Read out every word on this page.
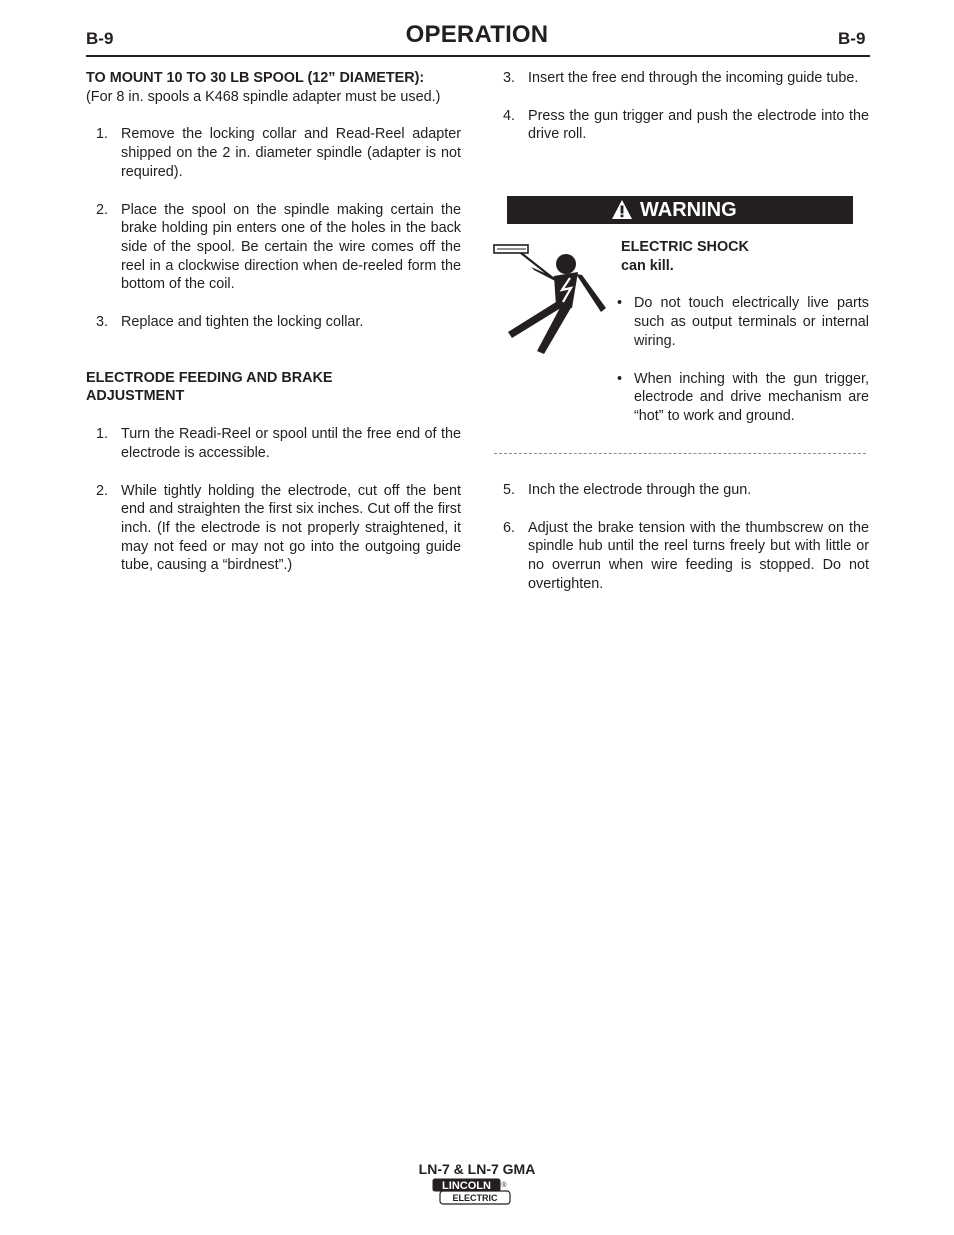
B-9	OPERATION	B-9

TO MOUNT 10 TO 30 LB SPOOL (12” DIAMETER):

(For 8 in. spools a K468 spindle adapter must be used.)

1. Remove the locking collar and Read-Reel adapter shipped on the 2 in. diameter spindle (adapter is not required).
2. Place the spool on the spindle making certain the brake holding pin enters one of the holes in the back side of the spool. Be certain the wire comes off the reel in a clockwise direction when de-reeled form the bottom of the coil.
3. Replace and tighten the locking collar.

ELECTRODE FEEDING AND BRAKE
ADJUSTMENT

1. Turn the Readi-Reel or spool until the free end of the electrode is accessible.
2. While tightly holding the electrode, cut off the bent end and straighten the first six inches. Cut off the first inch. (If the electrode is not properly straightened, it may not feed or may not go into the outgoing guide tube, causing a “birdnest”.)
3. Insert the free end through the incoming guide tube.
4. Press the gun trigger and push the electrode into the drive roll.
WARNING

ELECTRIC SHOCK
can kill.

• Do not touch electrically live parts such as output terminals or internal wiring.
• When inching with the gun trigger, electrode and drive mechanism are “hot” to work and ground.
5. Inch the electrode through the gun.
6. Adjust the brake tension with the thumbscrew on the spindle hub until the reel turns freely but with little or no overrun when wire feeding is stopped. Do not overtighten.
LN-7 & LN-7 GMA
LINCOLN
ELECTRIC
®
